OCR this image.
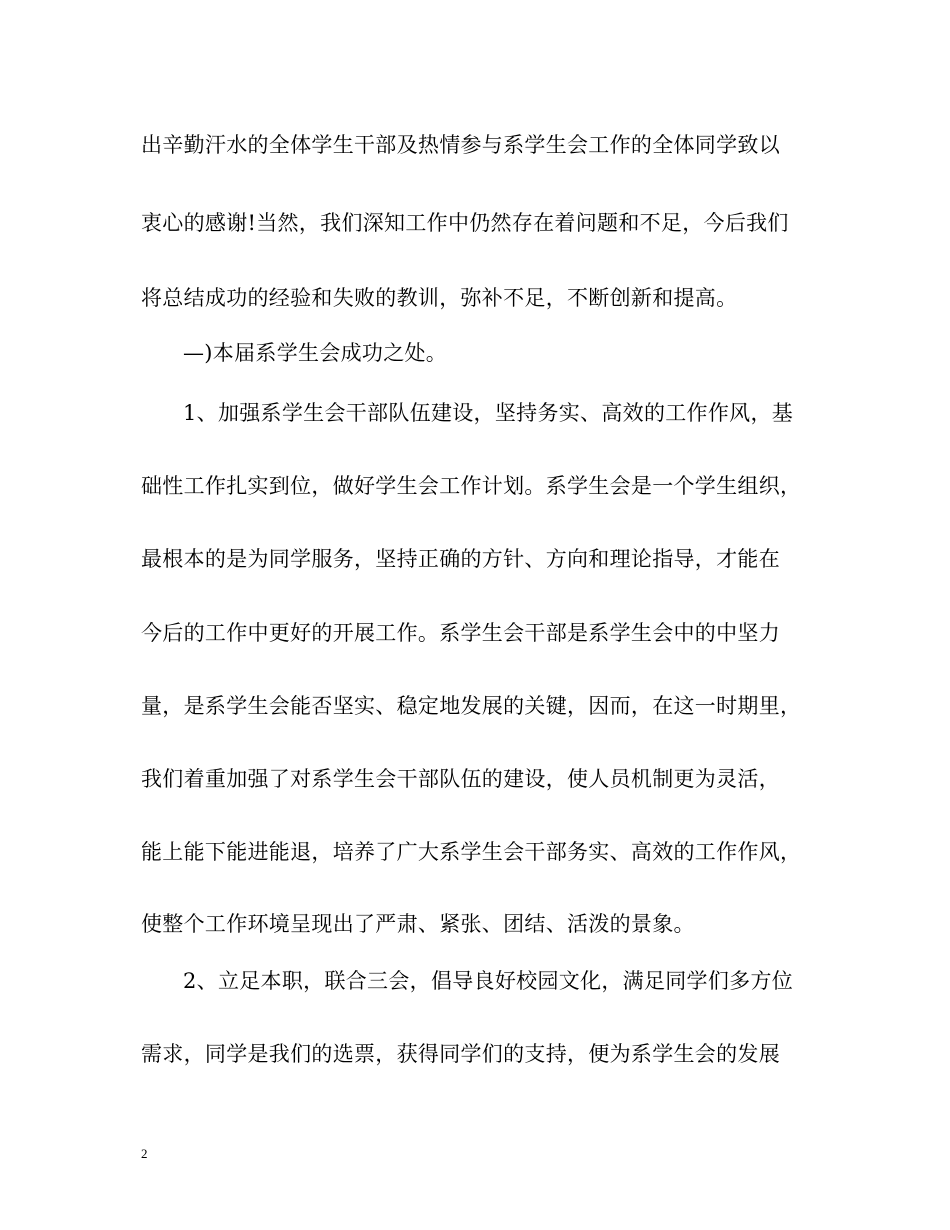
出辛勤汗水的全体学生干部及热情参与系学生会工作的全体同学致以
衷心的感谢!当然，我们深知工作中仍然存在着问题和不足，今后我们
将总结成功的经验和失败的教训，弥补不足，不断创新和提高。
—)本届系学生会成功之处。
1、加强系学生会干部队伍建设，坚持务实、高效的工作作风，基
础性工作扎实到位，做好学生会工作计划。系学生会是一个学生组织，
最根本的是为同学服务，坚持正确的方针、方向和理论指导，才能在
今后的工作中更好的开展工作。系学生会干部是系学生会中的中坚力
量，是系学生会能否坚实、稳定地发展的关键，因而，在这一时期里，
我们着重加强了对系学生会干部队伍的建设，使人员机制更为灵活，
能上能下能进能退，培养了广大系学生会干部务实、高效的工作作风，
使整个工作环境呈现出了严肃、紧张、团结、活泼的景象。
2、立足本职，联合三会，倡导良好校园文化，满足同学们多方位
需求，同学是我们的选票，获得同学们的支持，便为系学生会的发展
2
